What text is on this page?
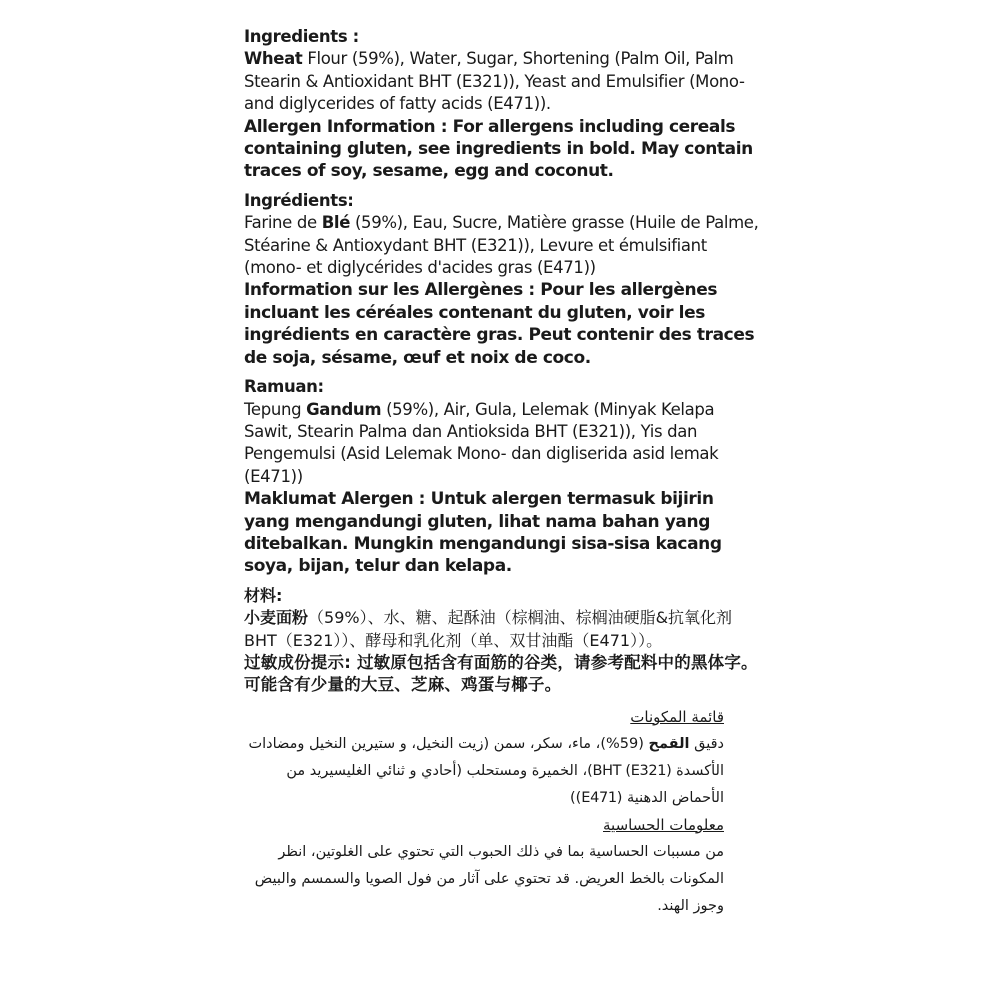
Ingredients :

Wheat Flour (59%), Water, Sugar, Shortening (Palm Oil, Palm Stearin & Antioxidant BHT (E321)), Yeast and Emulsifier (Mono- and diglycerides of fatty acids (E471)).

Allergen Information : For allergens including cereals containing gluten, see ingredients in bold. May contain traces of soy, sesame, egg and coconut.

Ingrédients:

Farine de Blé (59%), Eau, Sucre, Matière grasse (Huile de Palme, Stéarine & Antioxydant BHT (E321)), Levure et émulsifiant (mono- et diglycérides d'acides gras (E471))

Information sur les Allergènes : Pour les allergènes incluant les céréales contenant du gluten, voir les ingrédients en caractère gras. Peut contenir des traces de soja, sésame, œuf et noix de coco.

Ramuan:

Tepung Gandum (59%), Air, Gula, Lelemak (Minyak Kelapa Sawit, Stearin Palma dan Antioksida BHT (E321)), Yis dan Pengemulsi (Asid Lelemak Mono- dan digliserida asid lemak (E471))

Maklumat Alergen : Untuk alergen termasuk bijirin yang mengandungi gluten, lihat nama bahan yang ditebalkan. Mungkin mengandungi sisa-sisa kacang soya, bijan, telur dan kelapa.

材料:

小麦面粉（59%）、水、糖、起酥油（棕榈油、棕榈油硬脂&抗氧化剂BHT（E321））、酵母和乳化剂（单、双甘油酯（E471））。

过敏成份提示: 过敏原包括含有面筋的谷类，请参考配料中的黑体字。可能含有少量的大豆、芝麻、鸡蛋与椰子。

قائمة المكونات

دقيق القمح (59%)، ماء، سكر، سمن (زيت النخيل، و ستيرين النخيل ومضادات الأكسدة BHT (E321))، الخميرة ومستحلب (أحادي و ثنائي الغليسيريد من الأحماض الدهنية (E471))

معلومات الحساسية

من مسببات الحساسية بما في ذلك الحبوب التي تحتوي على الغلوتين، انظر المكونات بالخط العريض. قد تحتوي على آثار من فول الصويا والسمسم والبيض وجوز الهند.
